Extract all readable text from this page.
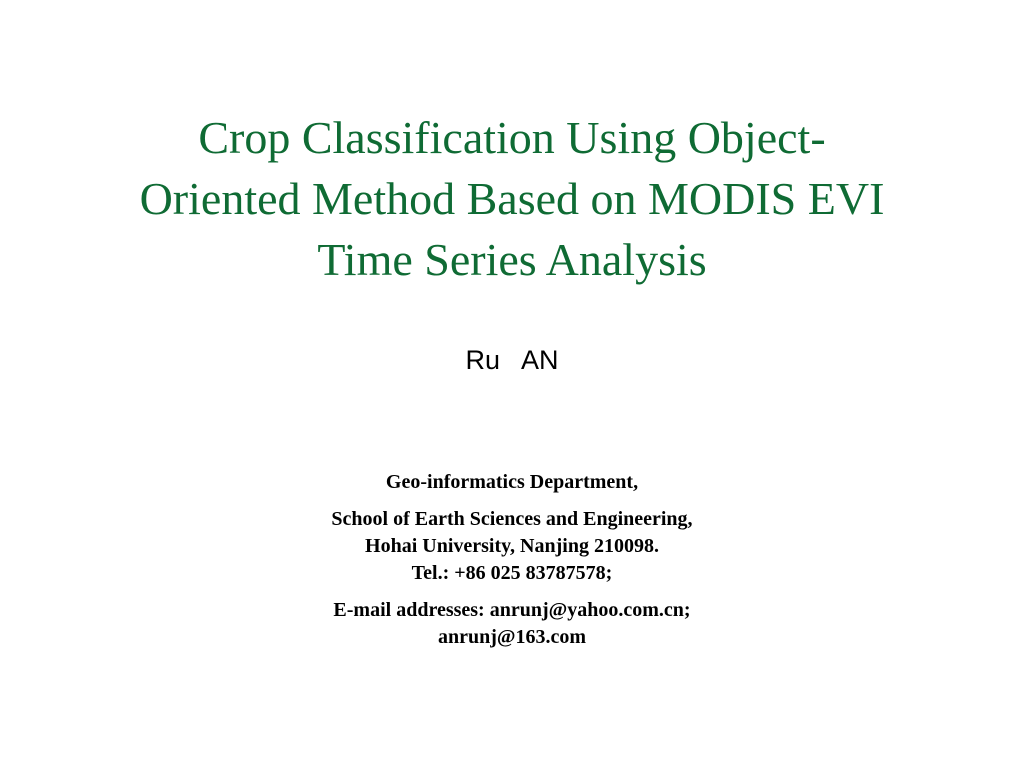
Crop Classification Using Object-
Oriented Method Based on MODIS EVI
Time Series Analysis
Ru   AN
Geo-informatics Department,
School of Earth Sciences and Engineering,
Hohai University, Nanjing 210098.
Tel.: +86 025 83787578;
E-mail addresses: anrunj@yahoo.com.cn;
anrunj@163.com
